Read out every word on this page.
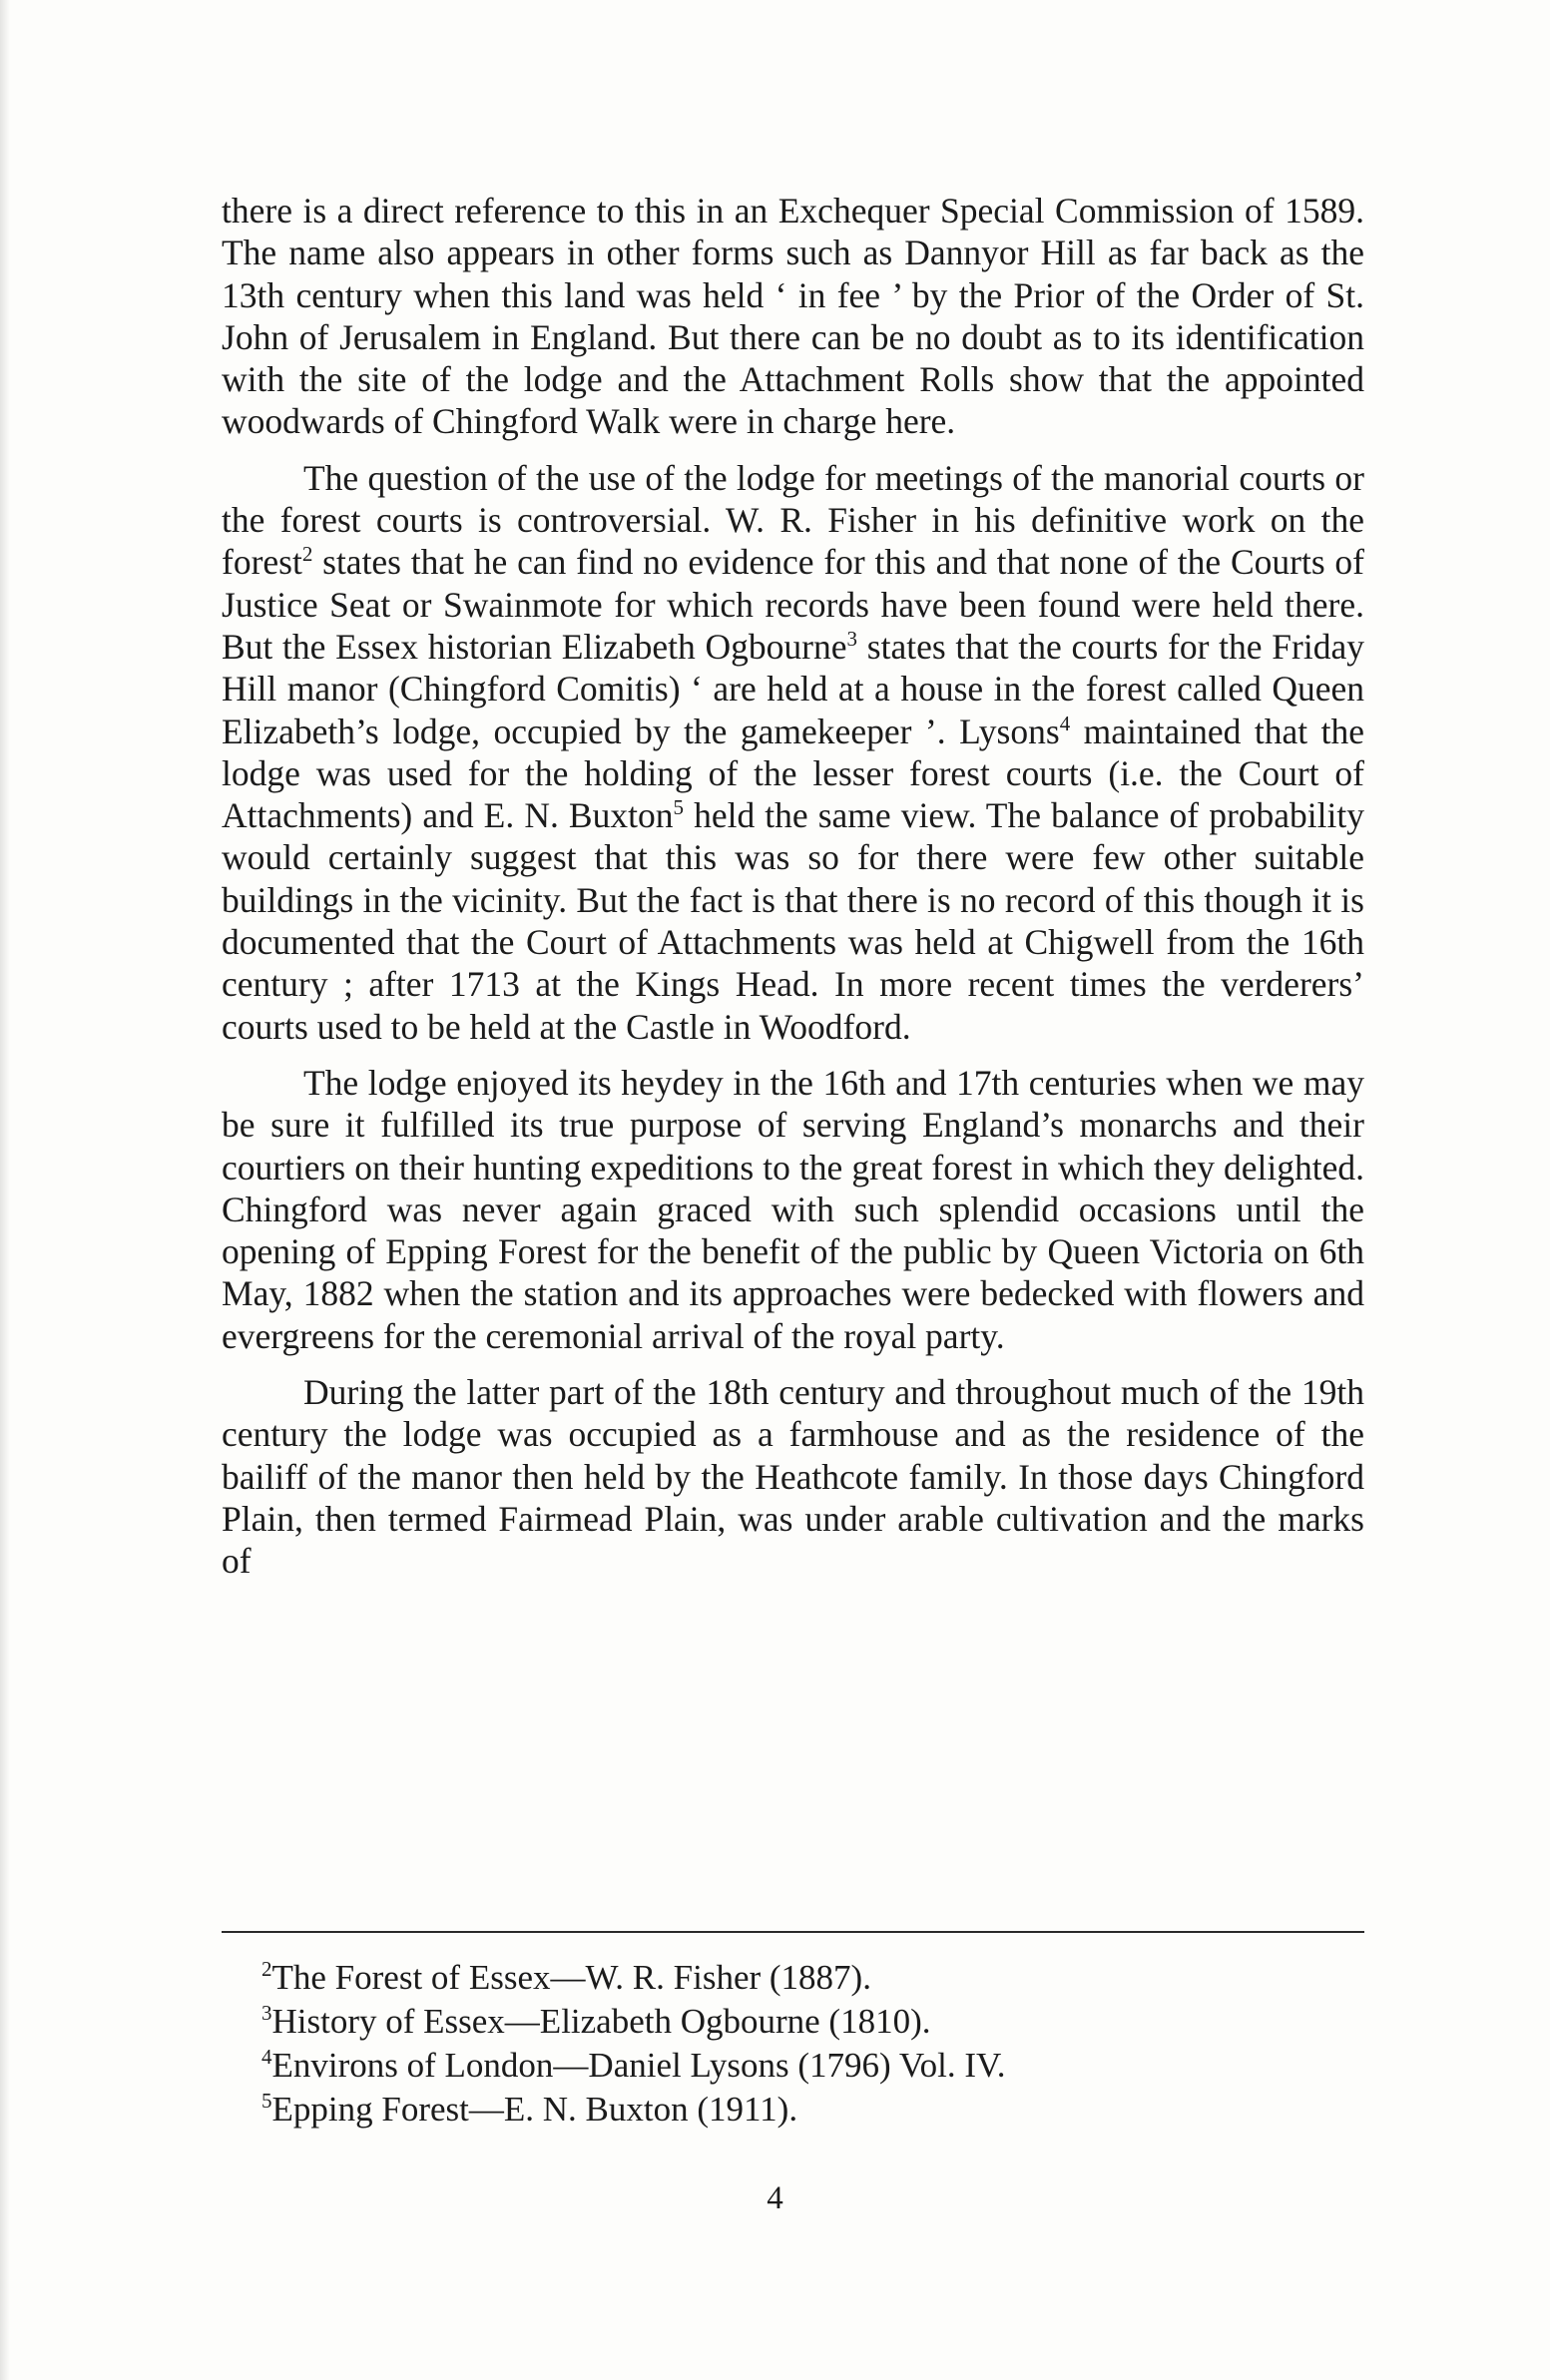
there is a direct reference to this in an Exchequer Special Commission of 1589. The name also appears in other forms such as Dannyor Hill as far back as the 13th century when this land was held ‘ in fee ’ by the Prior of the Order of St. John of Jerusalem in England. But there can be no doubt as to its identification with the site of the lodge and the Attachment Rolls show that the appointed woodwards of Chingford Walk were in charge here.

The question of the use of the lodge for meetings of the manorial courts or the forest courts is controversial. W. R. Fisher in his definitive work on the forest$^2$ states that he can find no evidence for this and that none of the Courts of Justice Seat or Swainmote for which records have been found were held there. But the Essex historian Elizabeth Ogbourne$^3$ states that the courts for the Friday Hill manor (Chingford Comitis) ‘ are held at a house in the forest called Queen Elizabeth’s lodge, occupied by the gamekeeper ’. Lysons$^4$ maintained that the lodge was used for the holding of the lesser forest courts (i.e. the Court of Attachments) and E. N. Buxton$^5$ held the same view. The balance of probability would certainly suggest that this was so for there were few other suitable buildings in the vicinity. But the fact is that there is no record of this though it is documented that the Court of Attachments was held at Chigwell from the 16th century ; after 1713 at the Kings Head. In more recent times the verderers’ courts used to be held at the Castle in Woodford.

The lodge enjoyed its heydey in the 16th and 17th centuries when we may be sure it fulfilled its true purpose of serving England’s monarchs and their courtiers on their hunting expeditions to the great forest in which they delighted. Chingford was never again graced with such splendid occasions until the opening of Epping Forest for the benefit of the public by Queen Victoria on 6th May, 1882 when the station and its approaches were bedecked with flowers and evergreens for the ceremonial arrival of the royal party.

During the latter part of the 18th century and throughout much of the 19th century the lodge was occupied as a farmhouse and as the residence of the bailiff of the manor then held by the Heathcote family. In those days Chingford Plain, then termed Fairmead Plain, was under arable cultivation and the marks of

$^2$The Forest of Essex—W. R. Fisher (1887).

$^3$History of Essex—Elizabeth Ogbourne (1810).

$^4$Environs of London—Daniel Lysons (1796) Vol. IV.

$^5$Epping Forest—E. N. Buxton (1911).

4
